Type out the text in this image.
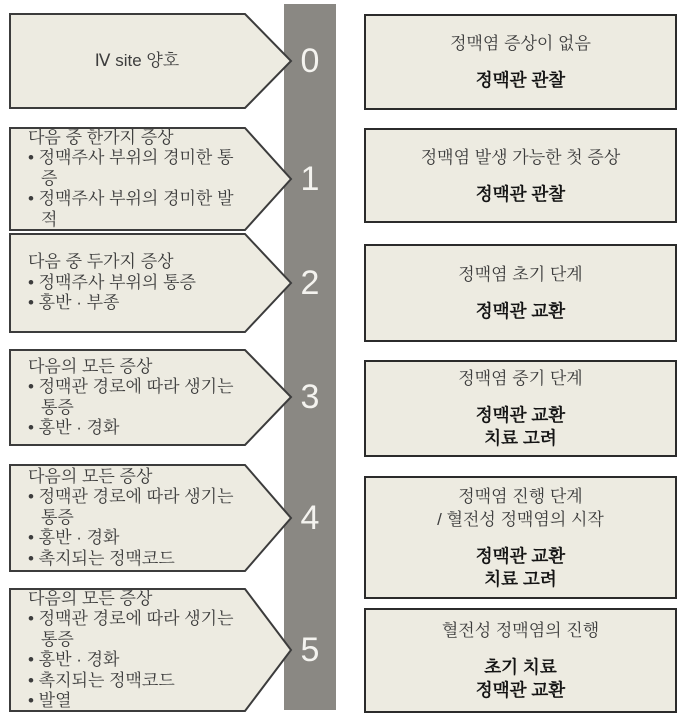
0
1
2
3
4
5
Ⅳ site 양호
다음 중 한가지 증상
• 정맥주사 부위의 경미한 통증
• 정맥주사 부위의 경미한 발적
다음 중 두가지 증상
• 정맥주사 부위의 통증
• 홍반 · 부종
다음의 모든 증상
• 정맥관 경로에 따라 생기는
통증
• 홍반 · 경화
다음의 모든 증상
• 정맥관 경로에 따라 생기는
통증
• 홍반 · 경화
• 촉지되는 정맥코드
다음의 모든 증상
• 정맥관 경로에 따라 생기는
통증
• 홍반 · 경화
• 촉지되는 정맥코드
• 발열
정맥염 증상이 없음
정맥관 관찰
정맥염 발생 가능한 첫 증상
정맥관 관찰
정맥염 초기 단계
정맥관 교환
정맥염 중기 단계
정맥관 교환
치료 고려
정맥염 진행 단계
/ 혈전성 정맥염의 시작
정맥관 교환
치료 고려
혈전성 정맥염의 진행
초기 치료
정맥관 교환
